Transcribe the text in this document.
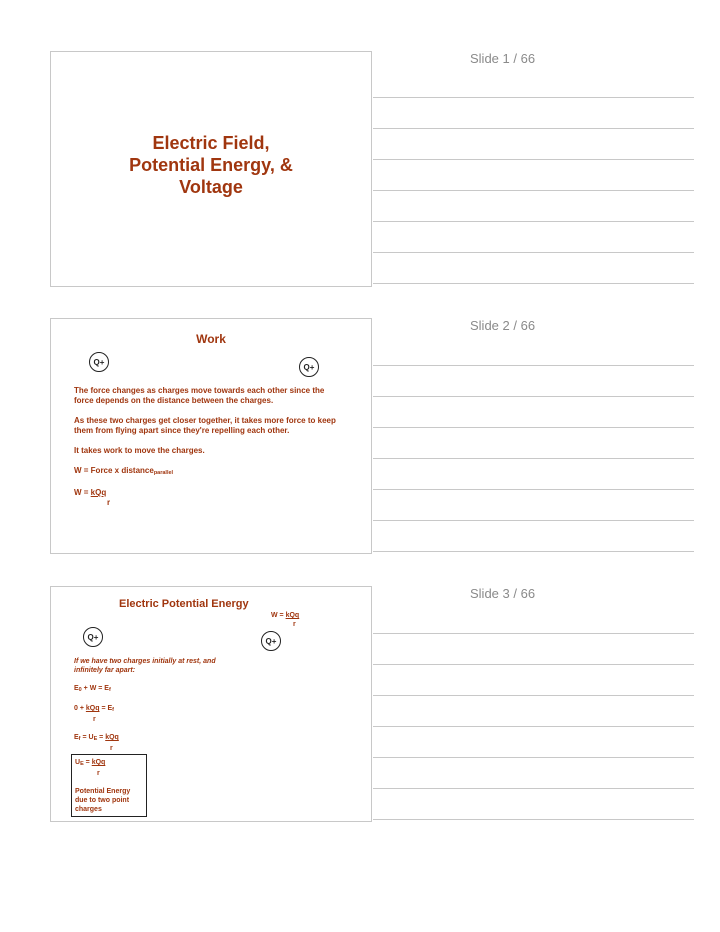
Slide 1 / 66
Electric Field,
Potential Energy, &
Voltage
Slide 2 / 66
Work
Q+
Q+
The force changes as charges move towards each other since the force depends on the distance between the charges.
As these two charges get closer together, it takes more force to keep them from flying apart since they're repelling each other.
It takes work to move the charges.
W = Force x distance$_{parallel}$
W = kQq
r
Slide 3 / 66
Electric Potential Energy
W = kQq
r
Q+	Q+
If we have two charges initially at rest, and infinitely far apart:
$E_0 + W = E_f$
0 + kQq = $E_f$
r
$E_f = U_E$ = kQq
r
$U_E$ = kQq
r
Potential Energy due to two point charges
